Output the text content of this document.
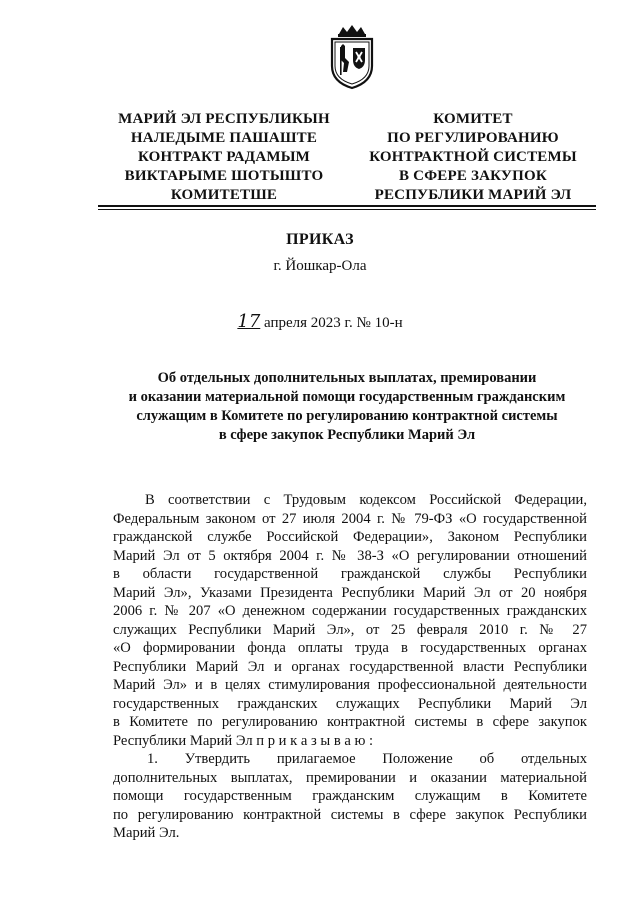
МАРИЙ ЭЛ РЕСПУБЛИКЫН
НАЛЕДЫМЕ ПАШАШТЕ
КОНТРАКТ РАДАМЫМ
ВИКТАРЫМЕ ШОТЫШТО
КОМИТЕТШЕ
КОМИТЕТ
ПО РЕГУЛИРОВАНИЮ
КОНТРАКТНОЙ СИСТЕМЫ
В СФЕРЕ ЗАКУПОК
РЕСПУБЛИКИ МАРИЙ ЭЛ
ПРИКАЗ
г. Йошкар-Ола
17 апреля 2023 г. № 10-н
Об отдельных дополнительных выплатах, премировании
и оказании материальной помощи государственным гражданским
служащим в Комитете по регулированию контрактной системы
в сфере закупок Республики Марий Эл
В соответствии с Трудовым кодексом Российской Федерации,
Федеральным законом от 27 июля 2004 г. № 79-ФЗ «О государственной
гражданской службе Российской Федерации», Законом Республики
Марий Эл от 5 октября 2004 г. № 38-З «О регулировании отношений
в области государственной гражданской службы Республики
Марий Эл», Указами Президента Республики Марий Эл от 20 ноября
2006 г. № 207 «О денежном содержании государственных гражданских
служащих Республики Марий Эл», от 25 февраля 2010 г. № 27
«О формировании фонда оплаты труда в государственных органах
Республики Марий Эл и органах государственной власти Республики
Марий Эл» и в целях стимулирования профессиональной деятельности
государственных гражданских служащих Республики Марий Эл
в Комитете по регулированию контрактной системы в сфере закупок
Республики Марий Эл п р и к а з ы в а ю :
1. Утвердить прилагаемое Положение об отдельных
дополнительных выплатах, премировании и оказании материальной
помощи государственным гражданским служащим в Комитете
по регулированию контрактной системы в сфере закупок Республики
Марий Эл.
